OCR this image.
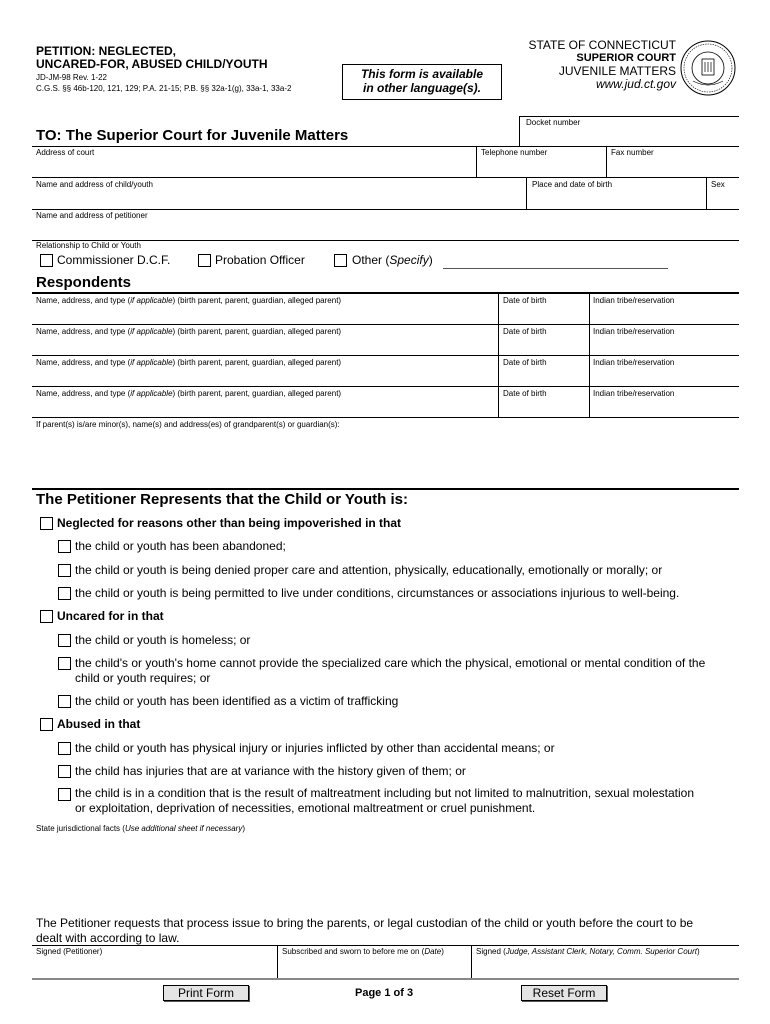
PETITION: NEGLECTED,
UNCARED-FOR, ABUSED CHILD/YOUTH
JD-JM-98 Rev. 1-22
C.G.S. §§ 46b-120, 121, 129; P.A. 21-15; P.B. §§ 32a-1(g), 33a-1, 33a-2
This form is available
in other language(s).
STATE OF CONNECTICUT
SUPERIOR COURT
JUVENILE MATTERS
www.jud.ct.gov
Docket number
TO: The Superior Court for Juvenile Matters
Address of court	Telephone number	Fax number
Name and address of child/youth	Place and date of birth	Sex
Name and address of petitioner
Relationship to Child or Youth
Commissioner D.C.F.	Probation Officer	Other (Specify)
Respondents
Name, address, and type (if applicable) (birth parent, parent, guardian, alleged parent)	Date of birth	Indian tribe/reservation
Name, address, and type (if applicable) (birth parent, parent, guardian, alleged parent)	Date of birth	Indian tribe/reservation
Name, address, and type (if applicable) (birth parent, parent, guardian, alleged parent)	Date of birth	Indian tribe/reservation
Name, address, and type (if applicable) (birth parent, parent, guardian, alleged parent)	Date of birth	Indian tribe/reservation
If parent(s) is/are minor(s), name(s) and address(es) of grandparent(s) or guardian(s):
The Petitioner Represents that the Child or Youth is:
Neglected for reasons other than being impoverished in that
the child or youth has been abandoned;
the child or youth is being denied proper care and attention, physically, educationally, emotionally or morally; or
the child or youth is being permitted to live under conditions, circumstances or associations injurious to well-being.
Uncared for in that
the child or youth is homeless; or
the child's or youth's home cannot provide the specialized care which the physical, emotional or mental condition of the
child or youth requires; or
the child or youth has been identified as a victim of trafficking
Abused in that
the child or youth has physical injury or injuries inflicted by other than accidental means; or
the child has injuries that are at variance with the history given of them; or
the child is in a condition that is the result of maltreatment including but not limited to malnutrition, sexual molestation
or exploitation, deprivation of necessities, emotional maltreatment or cruel punishment.
State jurisdictional facts (Use additional sheet if necessary)
The Petitioner requests that process issue to bring the parents, or legal custodian of the child or youth before the court to be
dealt with according to law.
Signed (Petitioner)	Subscribed and sworn to before me on (Date)	Signed (Judge, Assistant Clerk, Notary, Comm. Superior Court)
Print Form	Page 1 of 3	Reset Form
